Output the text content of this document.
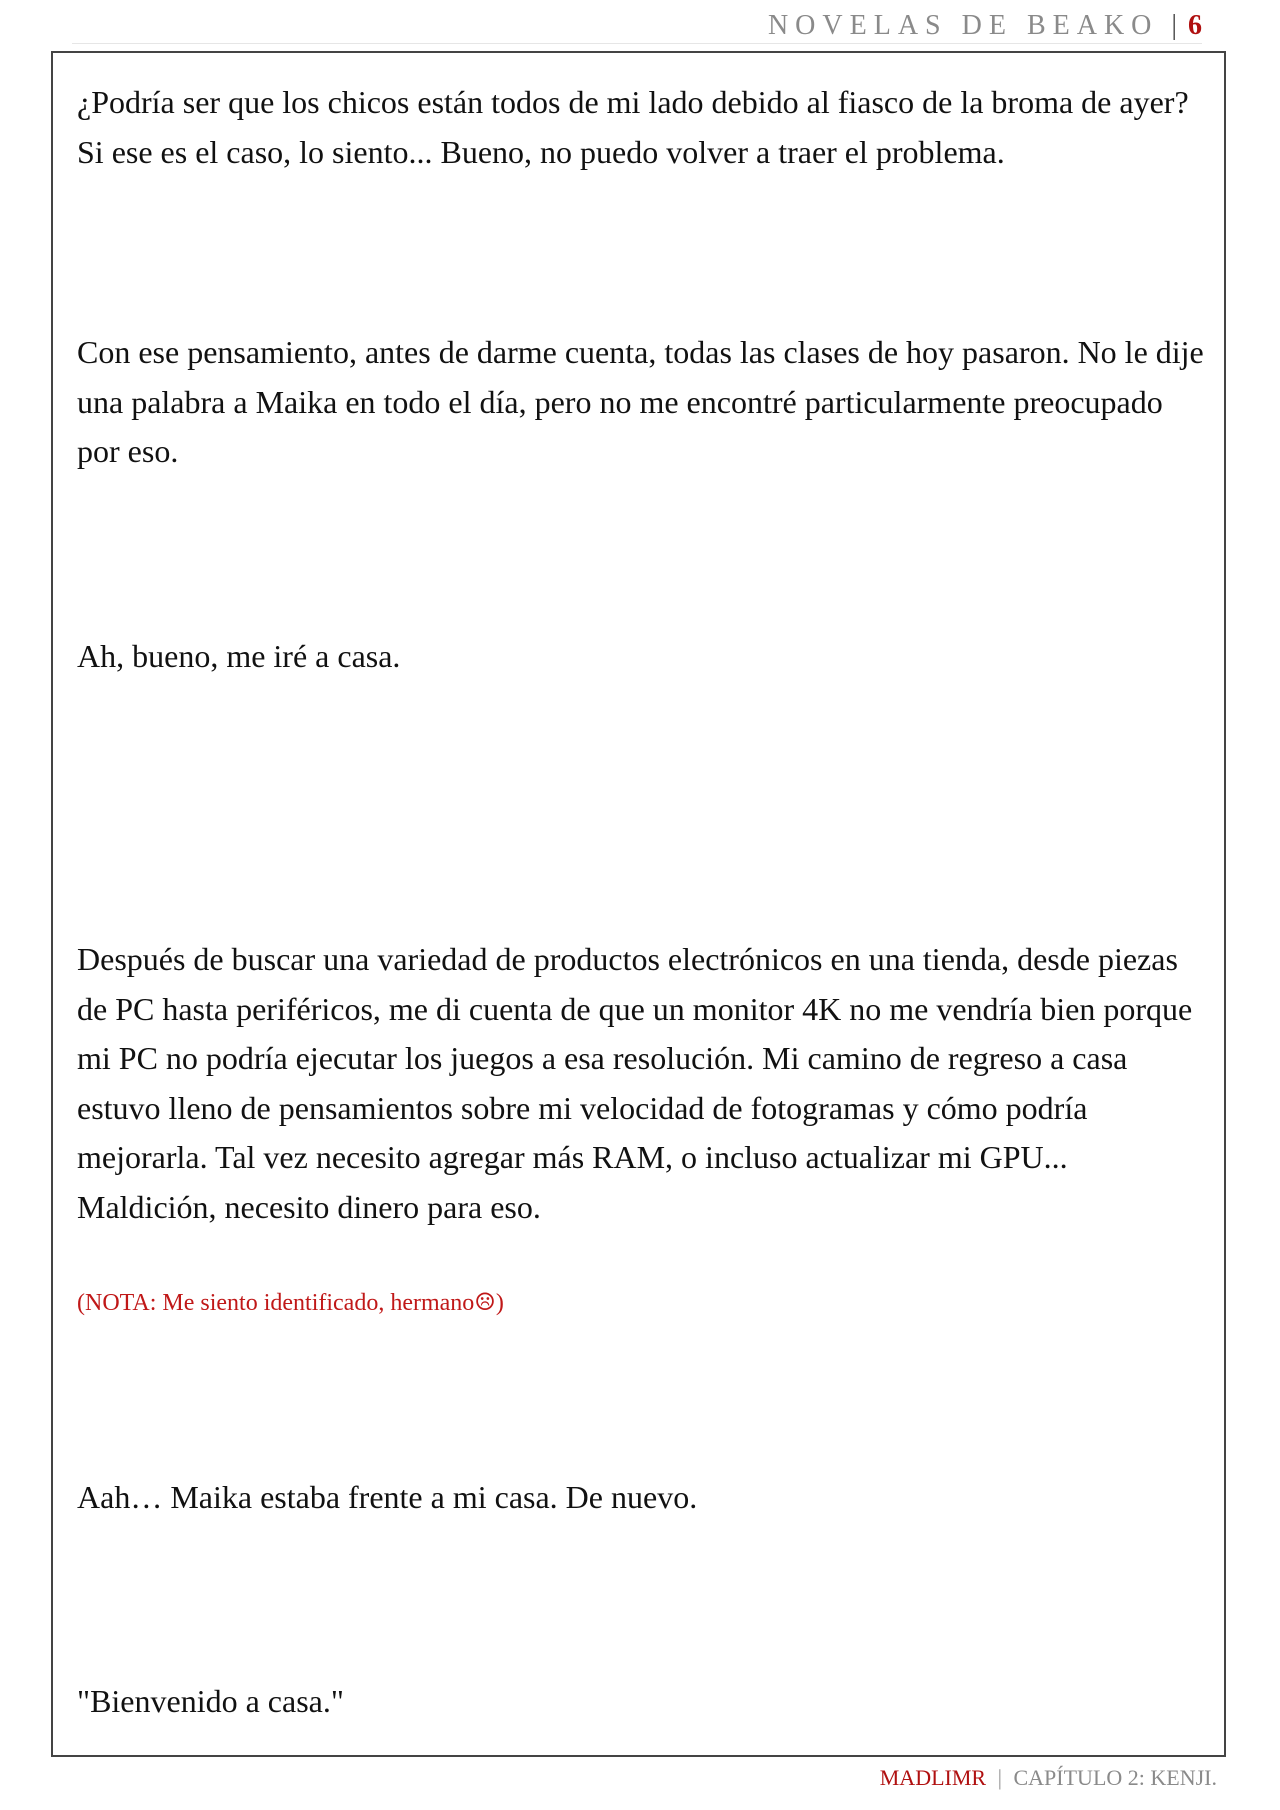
NOVELAS DE BEAKO | 6

¿Podría ser que los chicos están todos de mi lado debido al fiasco de la broma de ayer? Si ese es el caso, lo siento... Bueno, no puedo volver a traer el problema.

Con ese pensamiento, antes de darme cuenta, todas las clases de hoy pasaron. No le dije una palabra a Maika en todo el día, pero no me encontré particularmente preocupado por eso.

Ah, bueno, me iré a casa.

Después de buscar una variedad de productos electrónicos en una tienda, desde piezas de PC hasta periféricos, me di cuenta de que un monitor 4K no me vendría bien porque mi PC no podría ejecutar los juegos a esa resolución. Mi camino de regreso a casa estuvo lleno de pensamientos sobre mi velocidad de fotogramas y cómo podría mejorarla. Tal vez necesito agregar más RAM, o incluso actualizar mi GPU... Maldición, necesito dinero para eso.

(NOTA: Me siento identificado, hermano☹)

Aah… Maika estaba frente a mi casa. De nuevo.

"Bienvenido a casa."

MADLIMR | CAPÍTULO 2: KENJI.
